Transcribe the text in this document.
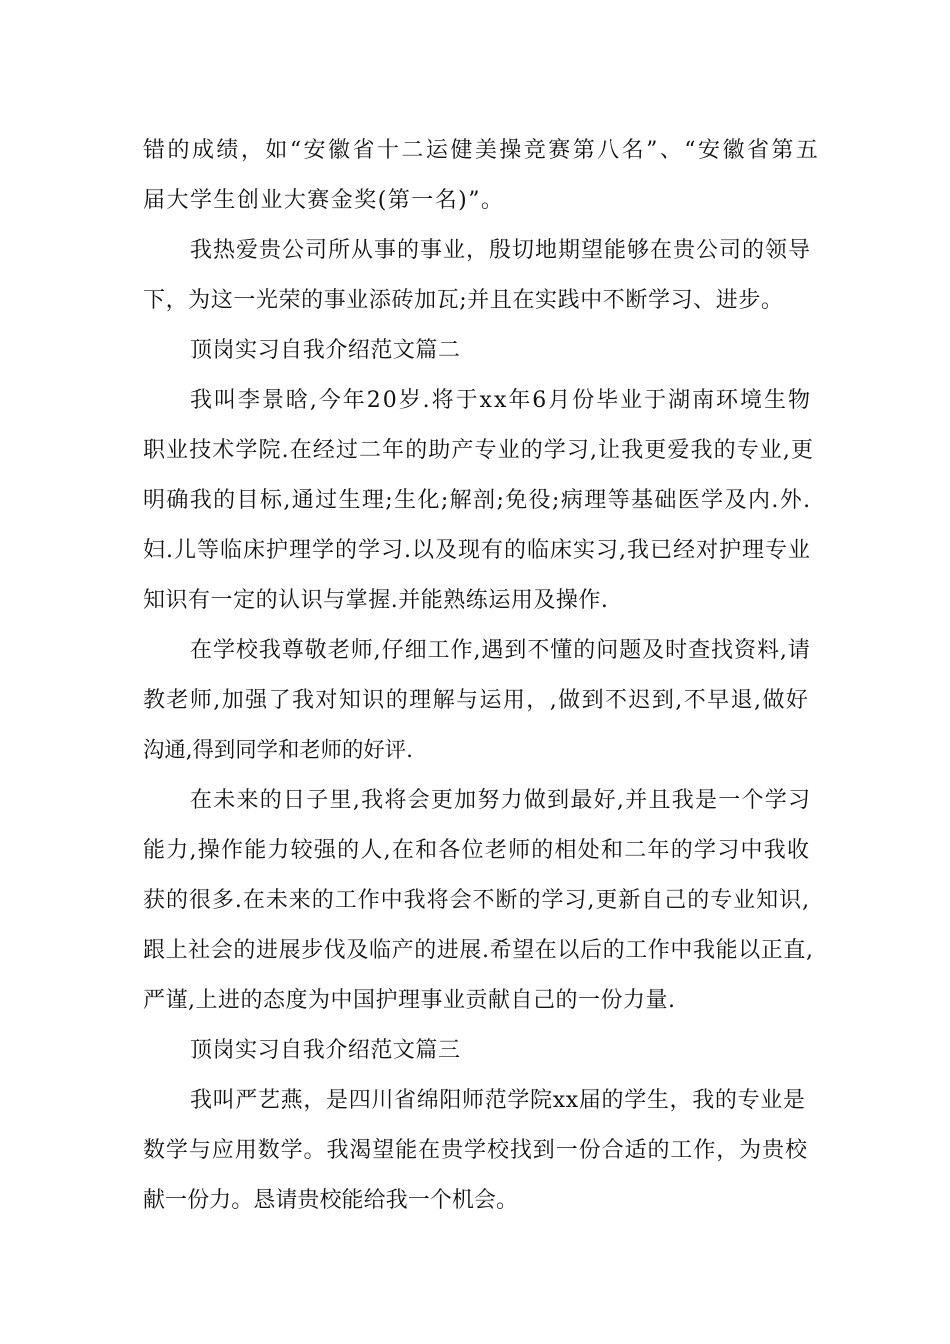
错的成绩，如“安徽省十二运健美操竞赛第八名”、“安徽省第五
届大学生创业大赛金奖(第一名)”。
我热爱贵公司所从事的事业，殷切地期望能够在贵公司的领导
下，为这一光荣的事业添砖加瓦;并且在实践中不断学习、进步。
顶岗实习自我介绍范文篇二
我叫李景晗,今年20岁.将于xx年6月份毕业于湖南环境生物
职业技术学院.在经过二年的助产专业的学习,让我更爱我的专业,更
明确我的目标,通过生理;生化;解剖;免役;病理等基础医学及内.外.
妇.儿等临床护理学的学习.以及现有的临床实习,我已经对护理专业
知识有一定的认识与掌握.并能熟练运用及操作.
在学校我尊敬老师,仔细工作,遇到不懂的问题及时查找资料,请
教老师,加强了我对知识的理解与运用，,做到不迟到,不早退,做好
沟通,得到同学和老师的好评.
在未来的日子里,我将会更加努力做到最好,并且我是一个学习
能力,操作能力较强的人,在和各位老师的相处和二年的学习中我收
获的很多.在未来的工作中我将会不断的学习,更新自己的专业知识,
跟上社会的进展步伐及临产的进展.希望在以后的工作中我能以正直,
严谨,上进的态度为中国护理事业贡献自己的一份力量.
顶岗实习自我介绍范文篇三
我叫严艺燕，是四川省绵阳师范学院xx届的学生，我的专业是
数学与应用数学。我渴望能在贵学校找到一份合适的工作，为贵校
献一份力。恳请贵校能给我一个机会。
